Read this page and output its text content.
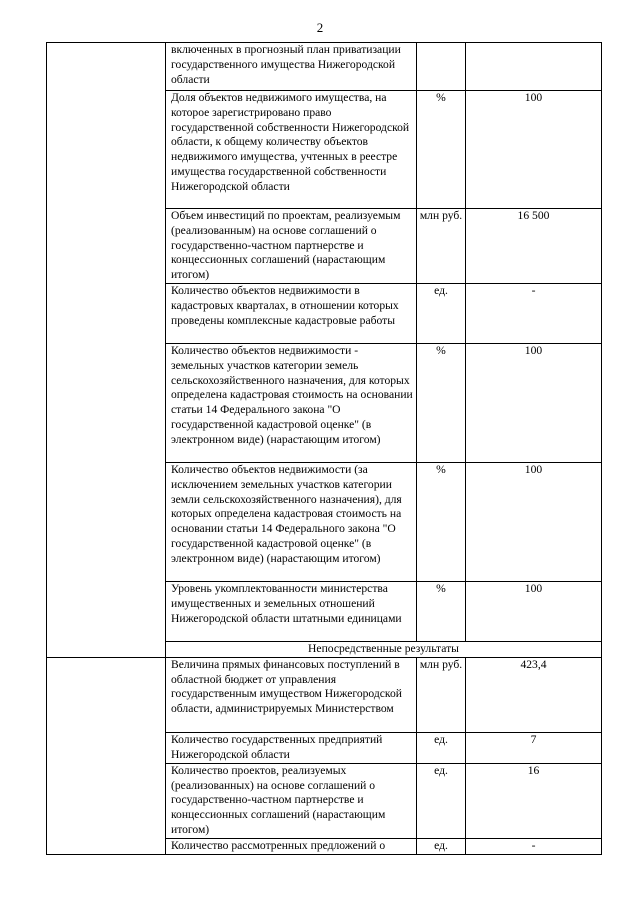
2
	включенных в прогнозный план приватизации государственного имущества Нижегородской области		
	Доля объектов недвижимого имущества, на которое зарегистрировано право государственной собственности Нижегородской области, к общему количеству объектов недвижимого имущества, учтенных в реестре имущества государственной собственности Нижегородской области	%	100
	Объем инвестиций по проектам, реализуемым (реализованным) на основе соглашений о государственно-частном партнерстве и концессионных соглашений (нарастающим итогом)	млн руб.	16 500
	Количество объектов недвижимости в кадастровых кварталах, в отношении которых проведены комплексные кадастровые работы	ед.	-
	Количество объектов недвижимости - земельных участков категории земель сельскохозяйственного назначения, для которых определена кадастровая стоимость на основании статьи 14 Федерального закона "О государственной кадастровой оценке" (в электронном виде) (нарастающим итогом)	%	100
	Количество объектов недвижимости (за исключением земельных участков категории земли сельскохозяйственного назначения), для которых определена кадастровая стоимость на основании статьи 14 Федерального закона "О государственной кадастровой оценке" (в электронном виде) (нарастающим итогом)	%	100
	Уровень укомплектованности министерства имущественных и земельных отношений Нижегородской области штатными единицами	%	100
	Непосредственные результаты		
	Величина прямых финансовых поступлений в областной бюджет от управления государственным имуществом Нижегородской области, администрируемых Министерством	млн руб.	423,4
	Количество государственных предприятий Нижегородской области	ед.	7
	Количество проектов, реализуемых (реализованных) на основе соглашений о государственно-частном партнерстве и концессионных соглашений (нарастающим итогом)	ед.	16
	Количество рассмотренных предложений о	ед.	-
